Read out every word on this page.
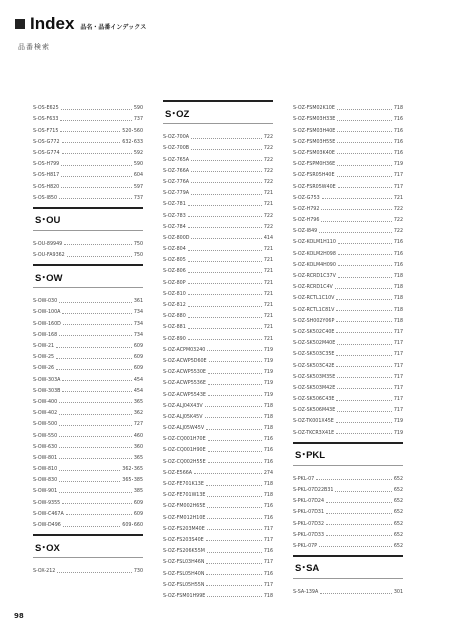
Index 品名・品番インデックス
品番検索
S-OS-E625	590
S-OS-F633	737
S-OS-F715	520･560
S-OS-G772	632･633
S-OS-G774	592
S-OS-H799	590
S-OS-H817	604
S-OS-H820	597
S-OS-I850	737
S･OU
S-OU-89949	750
S-OU-FA9362	750
S･OW
S-OW-030	361
S-OW-100A	734
S-OW-160D	734
S-OW-168	734
S-OW-21	609
S-OW-25	609
S-OW-26	609
S-OW-303A	454
S-OW-303B	454
S-OW-400	365
S-OW-402	362
S-OW-500	727
S-OW-550	460
S-OW-630	360
S-OW-801	365
S-OW-810	362･365
S-OW-830	365･385
S-OW-901	385
S-OW-9355	609
S-OW-C467A	609
S-OW-D496	609･660
S･OX
S-OX-212	730
S･OZ
S-OZ-700A	722
S-OZ-700B	722
S-OZ-765A	722
S-OZ-766A	722
S-OZ-776A	722
S-OZ-779A	721
S-OZ-781	721
S-OZ-783	722
S-OZ-784	722
S-OZ-800D	414
S-OZ-804	721
S-OZ-805	721
S-OZ-806	721
S-OZ-80P	721
S-OZ-810	721
S-OZ-812	721
S-OZ-880	721
S-OZ-881	721
S-OZ-890	721
S-OZ-ACPM03240	719
S-OZ-ACWP5D60E	719
S-OZ-ACWP5530E	719
S-OZ-ACWP5536E	719
S-OZ-ACWP5543E	719
S-OZ-ALJ04X43V	718
S-OZ-ALJ05K45V	718
S-OZ-ALJ05W45V	718
S-OZ-CQ001H70E	716
S-OZ-CQ001H90E	716
S-OZ-CQ002H55E	716
S-OZ-E566A	274
S-OZ-FE701K13E	718
S-OZ-FE701W13E	718
S-OZ-FM002H65E	716
S-OZ-FM012H10E	716
S-OZ-FS203M40E	717
S-OZ-FS203S40E	717
S-OZ-FS206K55M	716
S-OZ-FSL03H46N	717
S-OZ-FSL05H40N	716
S-OZ-FSL05H55N	717
S-OZ-FSM01H99E	718
S-OZ-FSM02K10E	718
S-OZ-FSM03H33E	716
S-OZ-FSM03H40E	716
S-OZ-FSM03H55E	716
S-OZ-FSM03K40E	716
S-OZ-FSPM0H36E	719
S-OZ-FSR05H40E	717
S-OZ-FSR05W40E	717
S-OZ-G753	721
S-OZ-H792	722
S-OZ-H796	722
S-OZ-I849	722
S-OZ-KOLM1H110	716
S-OZ-KOLM2H098	716
S-OZ-KOLM4H090	716
S-OZ-RCRD1C37V	718
S-OZ-RCRD1C4V	718
S-OZ-RCTL1C10V	718
S-OZ-RCTL1C81V	718
S-OZ-SH002Y06P	718
S-OZ-SK502C40E	717
S-OZ-SK502M40E	717
S-OZ-SK503C35E	717
S-OZ-SK503C42E	717
S-OZ-SK503M35E	717
S-OZ-SK503M42E	717
S-OZ-SK506C43E	717
S-OZ-SK506M43E	717
S-OZ-TK001X45E	719
S-OZ-TKCR3X41E	719
S･PKL
S-PKL-07	652
S-PKL-07D22B31	652
S-PKL-07D24	652
S-PKL-07D31	652
S-PKL-07D32	652
S-PKL-07D33	652
S-PKL-07P	652
S･SA
S-SA-139A	301
98
